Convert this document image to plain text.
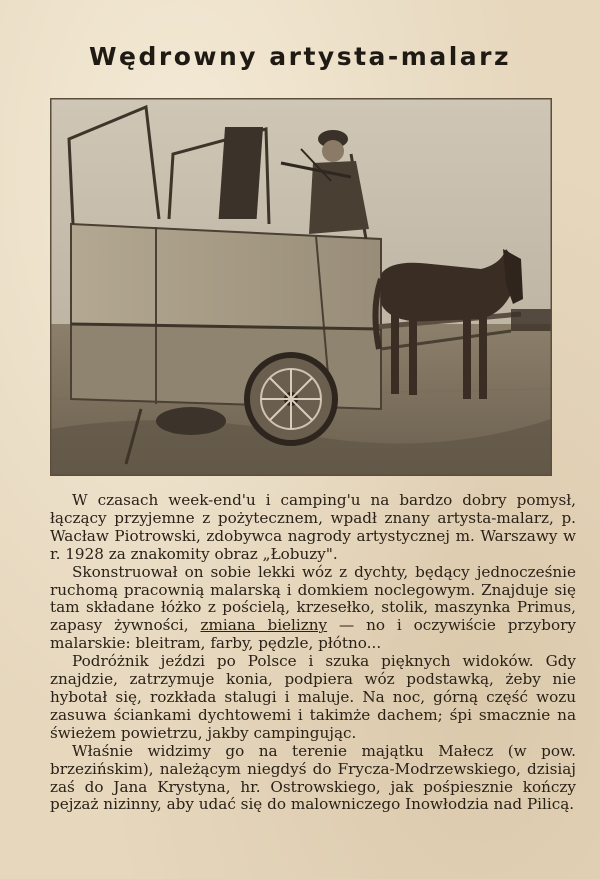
Wędrowny artysta-malarz

W czasach week-end'u i camping'u na bardzo dobry pomysł, łączący przyjemne z pożytecznem, wpadł znany artysta-malarz, p. Wacław Piotrowski, zdobywca nagrody artystycznej m. Warszawy w r. 1928 za znakomity obraz „Łobuzy".

Skonstruował on sobie lekki wóz z dychty, będący jednocześnie ruchomą pracownią malarską i domkiem noclegowym. Znajduje się tam składane łóżko z pościelą, krzesełko, stolik, maszynka Primus, zapasy żywności, zmiana bielizny — no i oczywiście przybory malarskie: bleitram, farby, pędzle, płótno...

Podróżnik jeździ po Polsce i szuka pięknych widoków. Gdy znajdzie, zatrzymuje konia, podpiera wóz podstawką, żeby nie hybotał się, rozkłada stalugi i maluje. Na noc, górną część wozu zasuwa ściankami dychtowemi i takimże dachem; śpi smacznie na świeżem powietrzu, jakby campingując.

Właśnie widzimy go na terenie majątku Małecz (w pow. brzezińskim), należącym niegdyś do Frycza-Modrzewskiego, dzisiaj zaś do Jana Krystyna, hr. Ostrowskiego, jak pośpiesznie kończy pejzaż nizinny, aby udać się do malowniczego Inowłodzia nad Pilicą.
